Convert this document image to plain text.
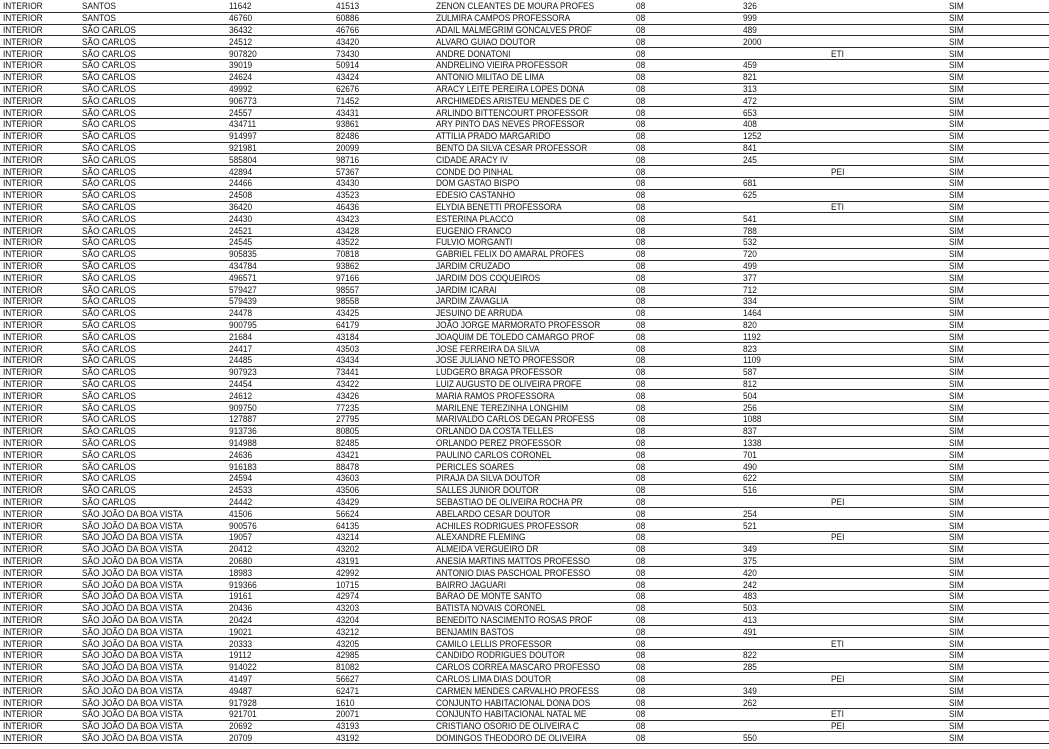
INTERIOR	SANTOS	11642	41513	ZENON CLEANTES DE MOURA PROFES	08	326		SIM
INTERIOR	SANTOS	46760	60886	ZULMIRA CAMPOS PROFESSORA	08	999		SIM
INTERIOR	SÃO CARLOS	36432	46766	ADAIL MALMEGRIM GONCALVES PROF	08	489		SIM
INTERIOR	SÃO CARLOS	24512	43420	ALVARO GUIAO DOUTOR	08	2000		SIM
INTERIOR	SÃO CARLOS	907820	73430	ANDRE DONATONI	08		ETI	SIM
INTERIOR	SÃO CARLOS	39019	50914	ANDRELINO VIEIRA PROFESSOR	08	459		SIM
INTERIOR	SÃO CARLOS	24624	43424	ANTONIO MILITAO DE LIMA	08	821		SIM
INTERIOR	SÃO CARLOS	49992	62676	ARACY LEITE PEREIRA LOPES DONA	08	313		SIM
INTERIOR	SÃO CARLOS	906773	71452	ARCHIMEDES ARISTEU MENDES DE C	08	472		SIM
INTERIOR	SÃO CARLOS	24557	43431	ARLINDO BITTENCOURT PROFESSOR	08	653		SIM
INTERIOR	SÃO CARLOS	434711	93861	ARY PINTO DAS NEVES PROFESSOR	08	408		SIM
INTERIOR	SÃO CARLOS	914997	82486	ATTILIA PRADO MARGARIDO	08	1252		SIM
INTERIOR	SÃO CARLOS	921981	20099	BENTO DA SILVA CESAR PROFESSOR	08	841		SIM
INTERIOR	SÃO CARLOS	585804	98716	CIDADE ARACY IV	08	245		SIM
INTERIOR	SÃO CARLOS	42894	57367	CONDE DO PINHAL	08		PEI	SIM
INTERIOR	SÃO CARLOS	24466	43430	DOM GASTAO BISPO	08	681		SIM
INTERIOR	SÃO CARLOS	24508	43523	EDESIO CASTANHO	08	625		SIM
INTERIOR	SÃO CARLOS	36420	46436	ELYDIA BENETTI PROFESSORA	08		ETI	SIM
INTERIOR	SÃO CARLOS	24430	43423	ESTERINA PLACCO	08	541		SIM
INTERIOR	SÃO CARLOS	24521	43428	EUGENIO FRANCO	08	788		SIM
INTERIOR	SÃO CARLOS	24545	43522	FULVIO MORGANTI	08	532		SIM
INTERIOR	SÃO CARLOS	905835	70818	GABRIEL FELIX DO AMARAL PROFES	08	720		SIM
INTERIOR	SÃO CARLOS	434784	93862	JARDIM CRUZADO	08	499		SIM
INTERIOR	SÃO CARLOS	496571	97166	JARDIM DOS COQUEIROS	08	377		SIM
INTERIOR	SÃO CARLOS	579427	98557	JARDIM ICARAI	08	712		SIM
INTERIOR	SÃO CARLOS	579439	98558	JARDIM ZAVAGLIA	08	334		SIM
INTERIOR	SÃO CARLOS	24478	43425	JESUINO DE ARRUDA	08	1464		SIM
INTERIOR	SÃO CARLOS	900795	64179	JOÃO JORGE MARMORATO PROFESSOR	08	820		SIM
INTERIOR	SÃO CARLOS	21684	43184	JOAQUIM DE TOLEDO CAMARGO PROF	08	1192		SIM
INTERIOR	SÃO CARLOS	24417	43503	JOSE FERREIRA DA SILVA	08	823		SIM
INTERIOR	SÃO CARLOS	24485	43434	JOSE JULIANO NETO PROFESSOR	08	1109		SIM
INTERIOR	SÃO CARLOS	907923	73441	LUDGERO BRAGA PROFESSOR	08	587		SIM
INTERIOR	SÃO CARLOS	24454	43422	LUIZ AUGUSTO DE OLIVEIRA PROFE	08	812		SIM
INTERIOR	SÃO CARLOS	24612	43426	MARIA RAMOS PROFESSORA	08	504		SIM
INTERIOR	SÃO CARLOS	909750	77235	MARILENE TEREZINHA LONGHIM	08	256		SIM
INTERIOR	SÃO CARLOS	127887	27795	MARIVALDO CARLOS DEGAN PROFESS	08	1088		SIM
INTERIOR	SÃO CARLOS	913736	80805	ORLANDO DA COSTA TELLES	08	837		SIM
INTERIOR	SÃO CARLOS	914988	82485	ORLANDO PEREZ PROFESSOR	08	1338		SIM
INTERIOR	SÃO CARLOS	24636	43421	PAULINO CARLOS CORONEL	08	701		SIM
INTERIOR	SÃO CARLOS	916183	88478	PERICLES SOARES	08	490		SIM
INTERIOR	SÃO CARLOS	24594	43603	PIRAJA DA SILVA DOUTOR	08	622		SIM
INTERIOR	SÃO CARLOS	24533	43506	SALLES JUNIOR DOUTOR	08	516		SIM
INTERIOR	SÃO CARLOS	24442	43429	SEBASTIAO DE OLIVEIRA ROCHA PR	08		PEI	SIM
INTERIOR	SÃO JOÃO DA BOA VISTA	41506	56624	ABELARDO CESAR DOUTOR	08	254		SIM
INTERIOR	SÃO JOÃO DA BOA VISTA	900576	64135	ACHILES RODRIGUES PROFESSOR	08	521		SIM
INTERIOR	SÃO JOÃO DA BOA VISTA	19057	43214	ALEXANDRE FLEMING	08		PEI	SIM
INTERIOR	SÃO JOÃO DA BOA VISTA	20412	43202	ALMEIDA VERGUEIRO DR	08	349		SIM
INTERIOR	SÃO JOÃO DA BOA VISTA	20680	43191	ANESIA MARTINS MATTOS PROFESSO	08	375		SIM
INTERIOR	SÃO JOÃO DA BOA VISTA	18983	42992	ANTONIO DIAS PASCHOAL PROFESSO	08	420		SIM
INTERIOR	SÃO JOÃO DA BOA VISTA	919366	10715	BAIRRO JAGUARI	08	242		SIM
INTERIOR	SÃO JOÃO DA BOA VISTA	19161	42974	BARAO DE MONTE SANTO	08	483		SIM
INTERIOR	SÃO JOÃO DA BOA VISTA	20436	43203	BATISTA NOVAIS CORONEL	08	503		SIM
INTERIOR	SÃO JOÃO DA BOA VISTA	20424	43204	BENEDITO NASCIMENTO ROSAS PROF	08	413		SIM
INTERIOR	SÃO JOÃO DA BOA VISTA	19021	43212	BENJAMIN BASTOS	08	491		SIM
INTERIOR	SÃO JOÃO DA BOA VISTA	20333	43205	CAMILO LELLIS PROFESSOR	08		ETI	SIM
INTERIOR	SÃO JOÃO DA BOA VISTA	19112	42985	CANDIDO RODRIGUES DOUTOR	08	822		SIM
INTERIOR	SÃO JOÃO DA BOA VISTA	914022	81082	CARLOS CORREA MASCARO PROFESSO	08	285		SIM
INTERIOR	SÃO JOÃO DA BOA VISTA	41497	56627	CARLOS LIMA DIAS DOUTOR	08		PEI	SIM
INTERIOR	SÃO JOÃO DA BOA VISTA	49487	62471	CARMEN MENDES CARVALHO PROFESS	08	349		SIM
INTERIOR	SÃO JOÃO DA BOA VISTA	917928	1610	CONJUNTO HABITACIONAL DONA DOS	08	262		SIM
INTERIOR	SÃO JOÃO DA BOA VISTA	921701	20071	CONJUNTO HABITACIONAL NATAL ME	08		ETI	SIM
INTERIOR	SÃO JOÃO DA BOA VISTA	20692	43193	CRISTIANO OSORIO DE OLIVEIRA C	08		PEI	SIM
INTERIOR	SÃO JOÃO DA BOA VISTA	20709	43192	DOMINGOS THEODORO DE OLIVEIRA	08	550		SIM
